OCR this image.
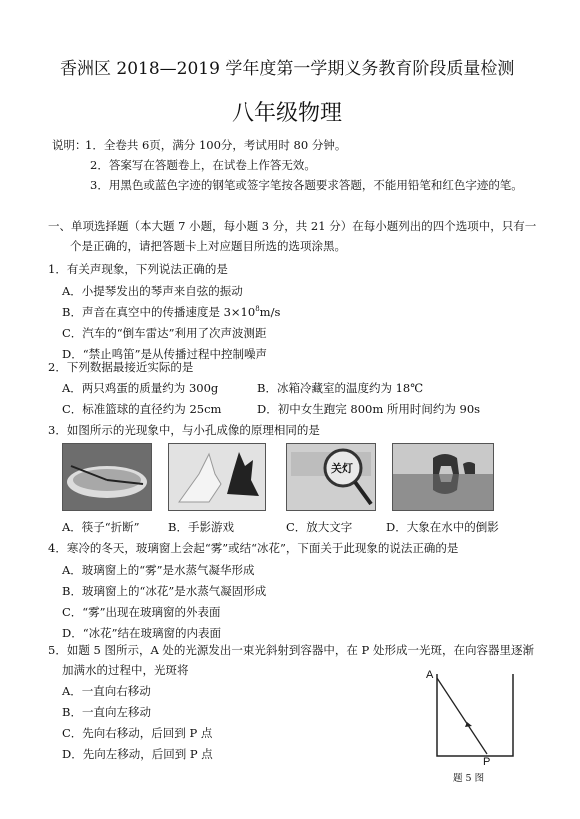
香洲区 2018—2019 学年度第一学期义务教育阶段质量检测
八年级物理
说明：
1．全卷共 6页，满分 100分，考试用时 80 分钟。
2．答案写在答题卷上，在试卷上作答无效。
3．用黑色或蓝色字迹的钢笔或签字笔按各题要求答题，不能用铅笔和红色字迹的笔。
一、单项选择题（本大题 7 小题，每小题 3 分，共 21 分）在每小题列出的四个选项中，只有一
个是正确的，请把答题卡上对应题目所选的选项涂黑。
1．有关声现象，下列说法正确的是
A．小提琴发出的琴声来自弦的振动
B．声音在真空中的传播速度是 $3\times 10^8m/s$
C．汽车的“倒车雷达”利用了次声波测距
D．“禁止鸣笛”是从传播过程中控制噪声
2．下列数据最接近实际的是
A．两只鸡蛋的质量约为 300g	B．冰箱冷藏室的温度约为 18℃
C．标准篮球的直径约为 25cm	D．初中女生跑完 800m 所用时间约为 90s
3．如图所示的光现象中，与小孔成像的原理相同的是
关灯
A．筷子“折断” B．手影游戏	C．放大文字	D．大象在水中的倒影
4．寒冷的冬天，玻璃窗上会起“雾”或结“冰花”，下面关于此现象的说法正确的是
A．玻璃窗上的“雾”是水蒸气凝华形成
B．玻璃窗上的“冰花”是水蒸气凝固形成
C．“雾”出现在玻璃窗的外表面
D．“冰花”结在玻璃窗的内表面
5．如题 5 图所示，A 处的光源发出一束光斜射到容器中，在 P 处形成一光斑，在向容器里逐渐
加满水的过程中，光斑将
A．一直向右移动
B．一直向左移动
C．先向右移动，后回到 P 点
D．先向左移动，后回到 P 点
A
P
题 5 图
